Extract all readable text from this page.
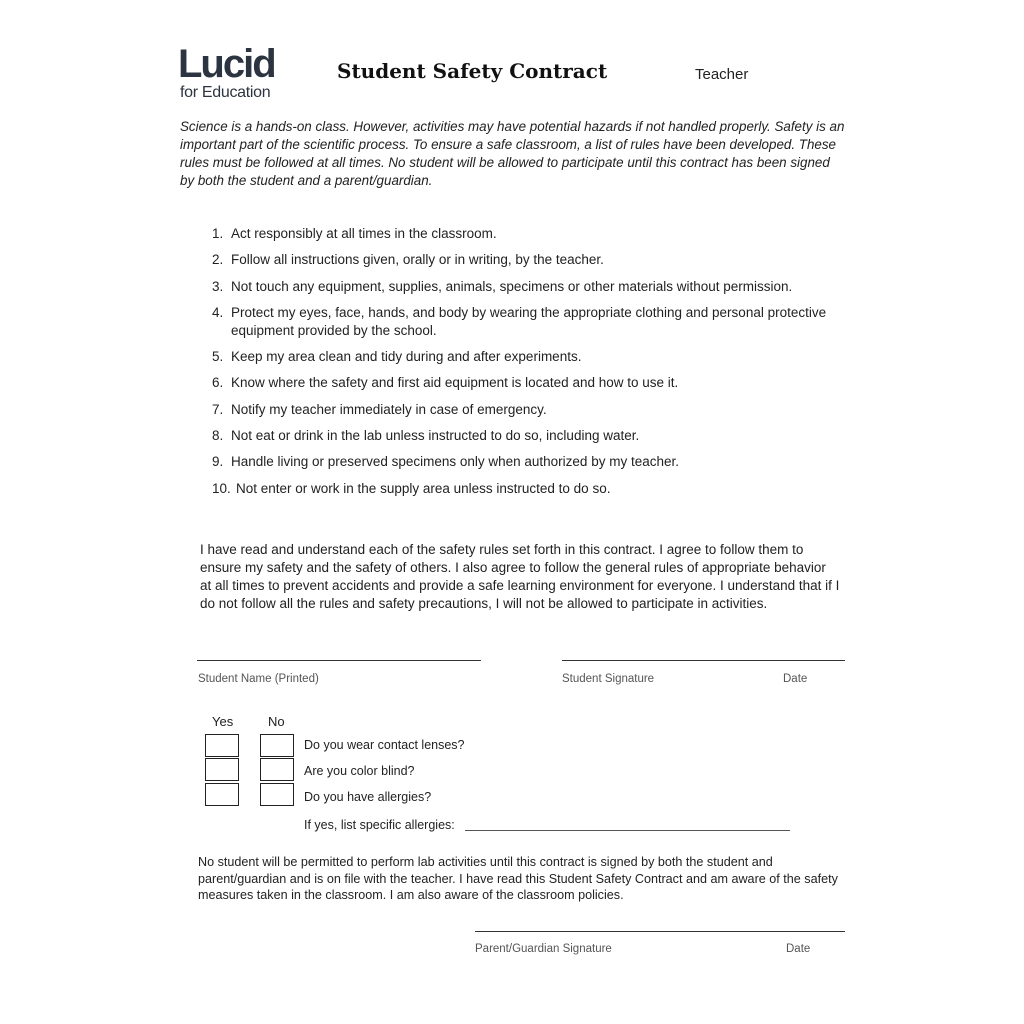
Lucid
for Education
Student Safety Contract	Teacher
Science is a hands-on class. However, activities may have potential hazards if not handled properly. Safety is an important part of the scientific process. To ensure a safe classroom, a list of rules have been developed. These rules must be followed at all times. No student will be allowed to participate until this contract has been signed by both the student and a parent/guardian.
1. Act responsibly at all times in the classroom.
2. Follow all instructions given, orally or in writing, by the teacher.
3. Not touch any equipment, supplies, animals, specimens or other materials without permission.
4. Protect my eyes, face, hands, and body by wearing the appropriate clothing and personal protective equipment provided by the school.
5. Keep my area clean and tidy during and after experiments.
6. Know where the safety and first aid equipment is located and how to use it.
7. Notify my teacher immediately in case of emergency.
8. Not eat or drink in the lab unless instructed to do so, including water.
9. Handle living or preserved specimens only when authorized by my teacher.
10. Not enter or work in the supply area unless instructed to do so.
I have read and understand each of the safety rules set forth in this contract. I agree to follow them to ensure my safety and the safety of others. I also agree to follow the general rules of appropriate behavior at all times to prevent accidents and provide a safe learning environment for everyone. I understand that if I do not follow all the rules and safety precautions, I will not be allowed to participate in activities.
Student Name (Printed)	Student Signature	Date
Yes	No
Do you wear contact lenses?
Are you color blind?
Do you have allergies?
If yes, list specific allergies:
No student will be permitted to perform lab activities until this contract is signed by both the student and parent/guardian and is on file with the teacher. I have read this Student Safety Contract and am aware of the safety measures taken in the classroom. I am also aware of the classroom policies.
Parent/Guardian Signature	Date
